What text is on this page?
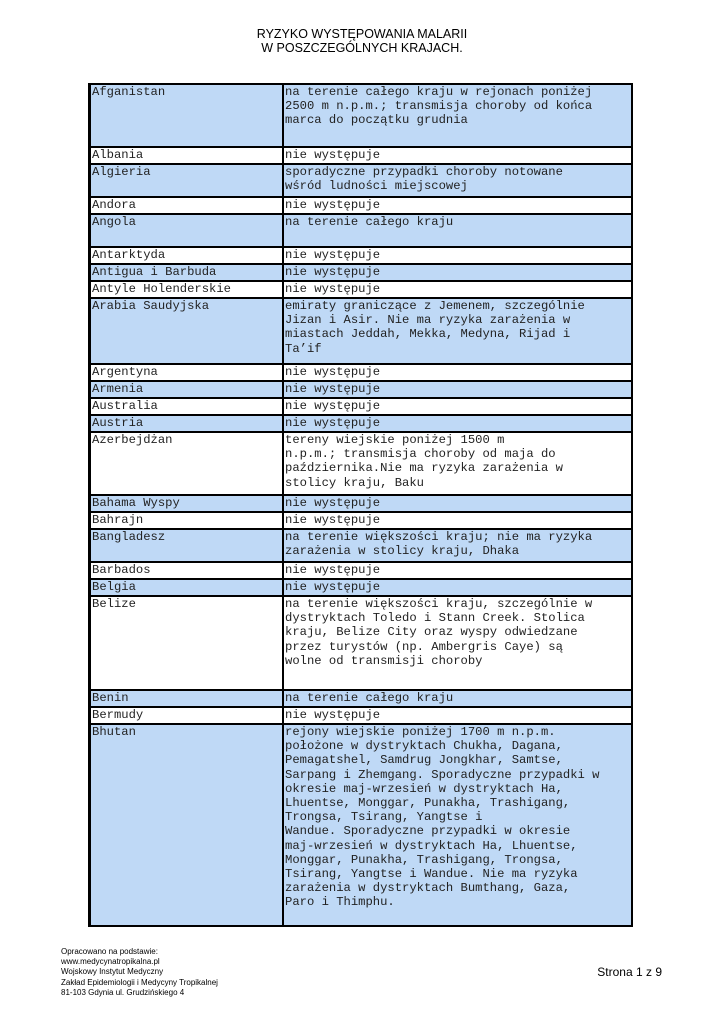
RYZYKO WYSTĘPOWANIA MALARII
W POSZCZEGÓLNYCH KRAJACH.
Afganistan	na terenie całego kraju w rejonach poniżej
2500 m n.p.m.; transmisja choroby od końca
marca do początku grudnia
Albania	nie występuje
Algieria	sporadyczne przypadki choroby notowane
wśród ludności miejscowej
Andora	nie występuje
Angola	na terenie całego kraju
Antarktyda	nie występuje
Antigua i Barbuda	nie występuje
Antyle Holenderskie	nie występuje
Arabia Saudyjska	emiraty graniczące z Jemenem, szczególnie
Jizan i Asir. Nie ma ryzyka zarażenia w
miastach Jeddah, Mekka, Medyna, Rijad i
Ta’if
Argentyna	nie występuje
Armenia	nie występuje
Australia	nie występuje
Austria	nie występuje
Azerbejdżan	tereny wiejskie poniżej 1500 m
n.p.m.; transmisja choroby od maja do
października.Nie ma ryzyka zarażenia w
stolicy kraju, Baku
Bahama Wyspy	nie występuje
Bahrajn	nie występuje
Bangladesz	na terenie większości kraju; nie ma ryzyka
zarażenia w stolicy kraju, Dhaka
Barbados	nie występuje
Belgia	nie występuje
Belize	na terenie większości kraju, szczególnie w
dystryktach Toledo i Stann Creek. Stolica
kraju, Belize City oraz wyspy odwiedzane
przez turystów (np. Ambergris Caye) są
wolne od transmisji choroby
Benin	na terenie całego kraju
Bermudy	nie występuje
Bhutan	rejony wiejskie poniżej 1700 m n.p.m.
położone w dystryktach Chukha, Dagana,
Pemagatshel, Samdrug Jongkhar, Samtse,
Sarpang i Zhemgang. Sporadyczne przypadki w
okresie maj-wrzesień w dystryktach Ha,
Lhuentse, Monggar, Punakha, Trashigang,
Trongsa, Tsirang, Yangtse i
Wandue. Sporadyczne przypadki w okresie
maj-wrzesień w dystryktach Ha, Lhuentse,
Monggar, Punakha, Trashigang, Trongsa,
Tsirang, Yangtse i Wandue. Nie ma ryzyka
zarażenia w dystryktach Bumthang, Gaza,
Paro i Thimphu.
Opracowano na podstawie:
www.medycynatropikalna.pl
Wojskowy Instytut Medyczny
Zakład Epidemiologii i Medycyny Tropikalnej
81-103 Gdynia ul. Grudzińskiego 4
Strona 1 z 9
